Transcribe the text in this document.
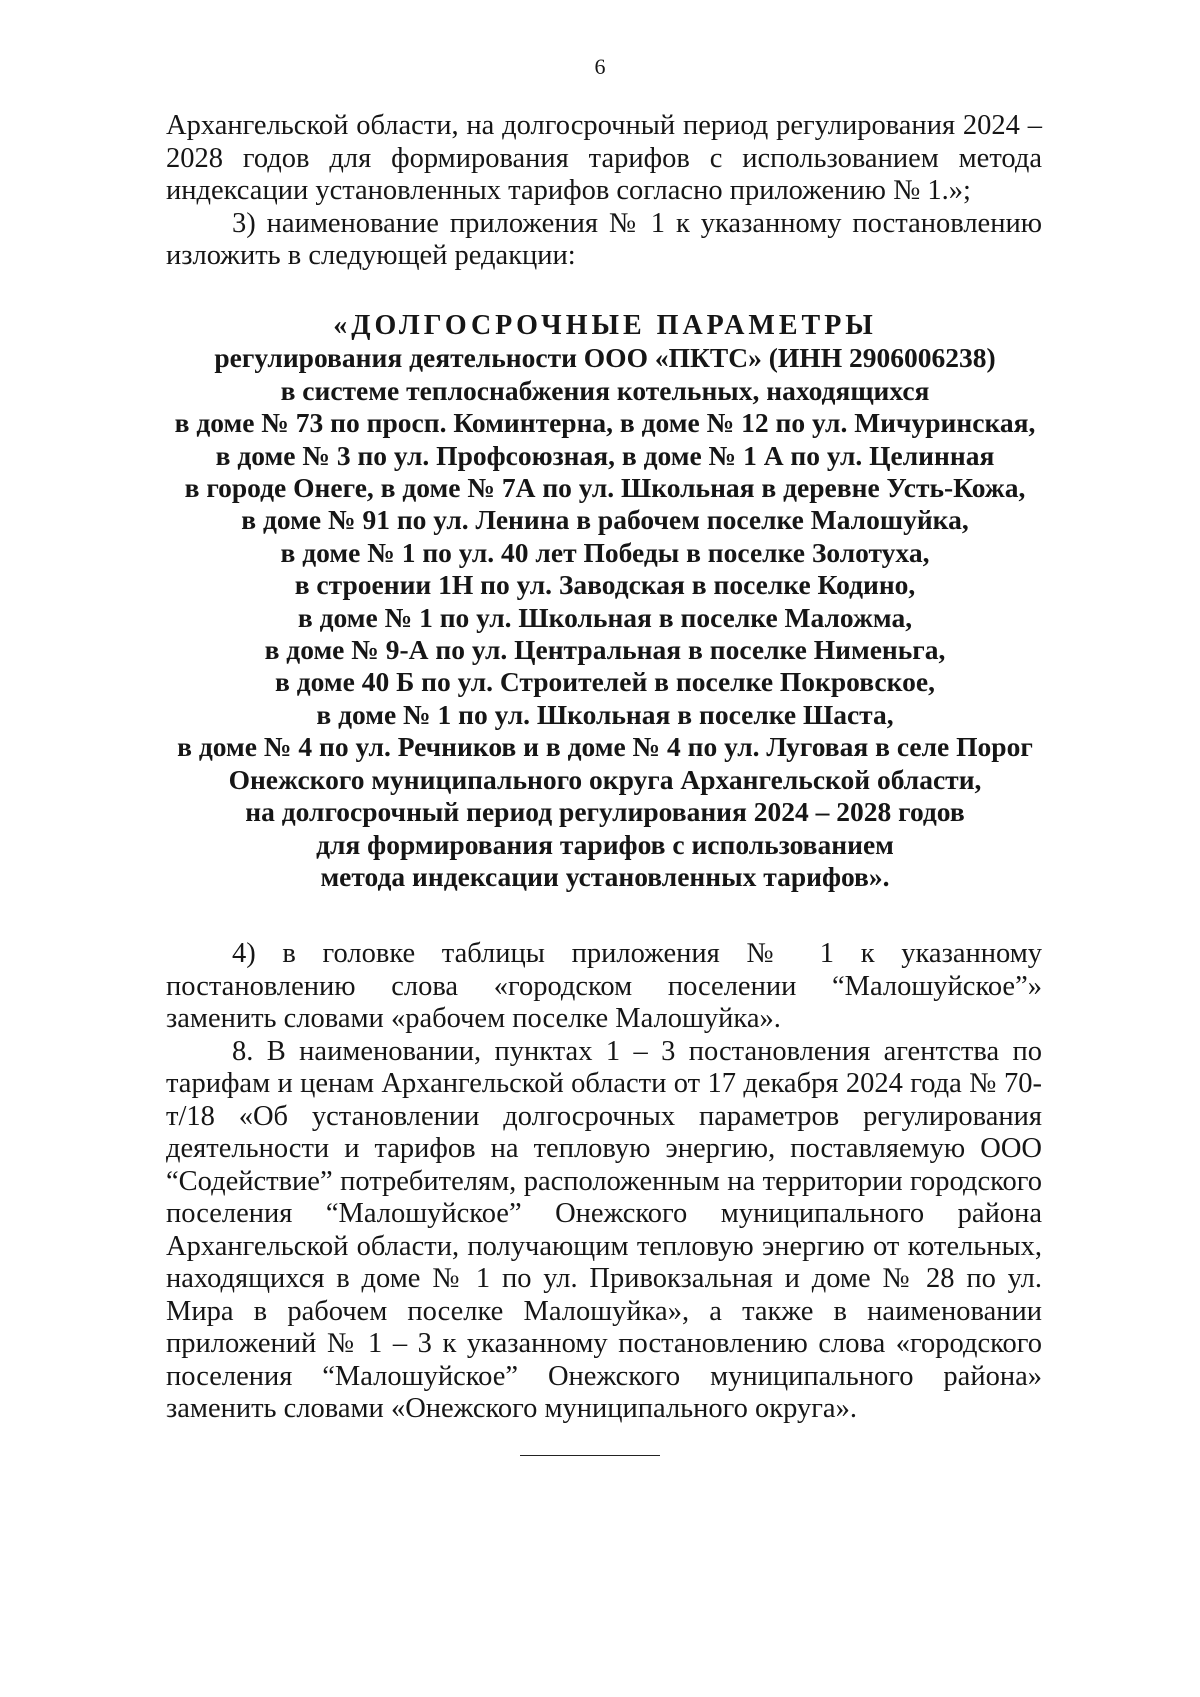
6

Архангельской области, на долгосрочный период регулирования 2024 – 2028 годов для формирования тарифов с использованием метода индексации установленных тарифов согласно приложению № 1.»;

3) наименование приложения № 1 к указанному постановлению изложить в следующей редакции:

«ДОЛГОСРОЧНЫЕ ПАРАМЕТРЫ
регулирования деятельности ООО «ПКТС» (ИНН 2906006238)
в системе теплоснабжения котельных, находящихся
в доме № 73 по просп. Коминтерна, в доме № 12 по ул. Мичуринская,
в доме № 3 по ул. Профсоюзная, в доме № 1 А по ул. Целинная
в городе Онеге, в доме № 7А по ул. Школьная в деревне Усть-Кожа,
в доме № 91 по ул. Ленина в рабочем поселке Малошуйка,
в доме № 1 по ул. 40 лет Победы в поселке Золотуха,
в строении 1Н по ул. Заводская в поселке Кодино,
в доме № 1 по ул. Школьная в поселке Маложма,
в доме № 9-А по ул. Центральная в поселке Нименьга,
в доме 40 Б по ул. Строителей в поселке Покровское,
в доме № 1 по ул. Школьная в поселке Шаста,
в доме № 4 по ул. Речников и в доме № 4 по ул. Луговая в селе Порог
Онежского муниципального округа Архангельской области,
на долгосрочный период регулирования 2024 – 2028 годов
для формирования тарифов с использованием
метода индексации установленных тарифов».

4) в головке таблицы приложения № 1 к указанному постановлению слова «городском поселении “Малошуйское”» заменить словами «рабочем поселке Малошуйка».

8. В наименовании, пунктах 1 – 3 постановления агентства по тарифам и ценам Архангельской области от 17 декабря 2024 года № 70-т/18 «Об установлении долгосрочных параметров регулирования деятельности и тарифов на тепловую энергию, поставляемую ООО “Содействие” потребителям, расположенным на территории городского поселения “Малошуйское” Онежского муниципального района Архангельской области, получающим тепловую энергию от котельных, находящихся в доме № 1 по ул. Привокзальная и доме № 28 по ул. Мира в рабочем поселке Малошуйка», а также в наименовании приложений № 1 – 3 к указанному постановлению слова «городского поселения “Малошуйское” Онежского муниципального района» заменить словами «Онежского муниципального округа».
